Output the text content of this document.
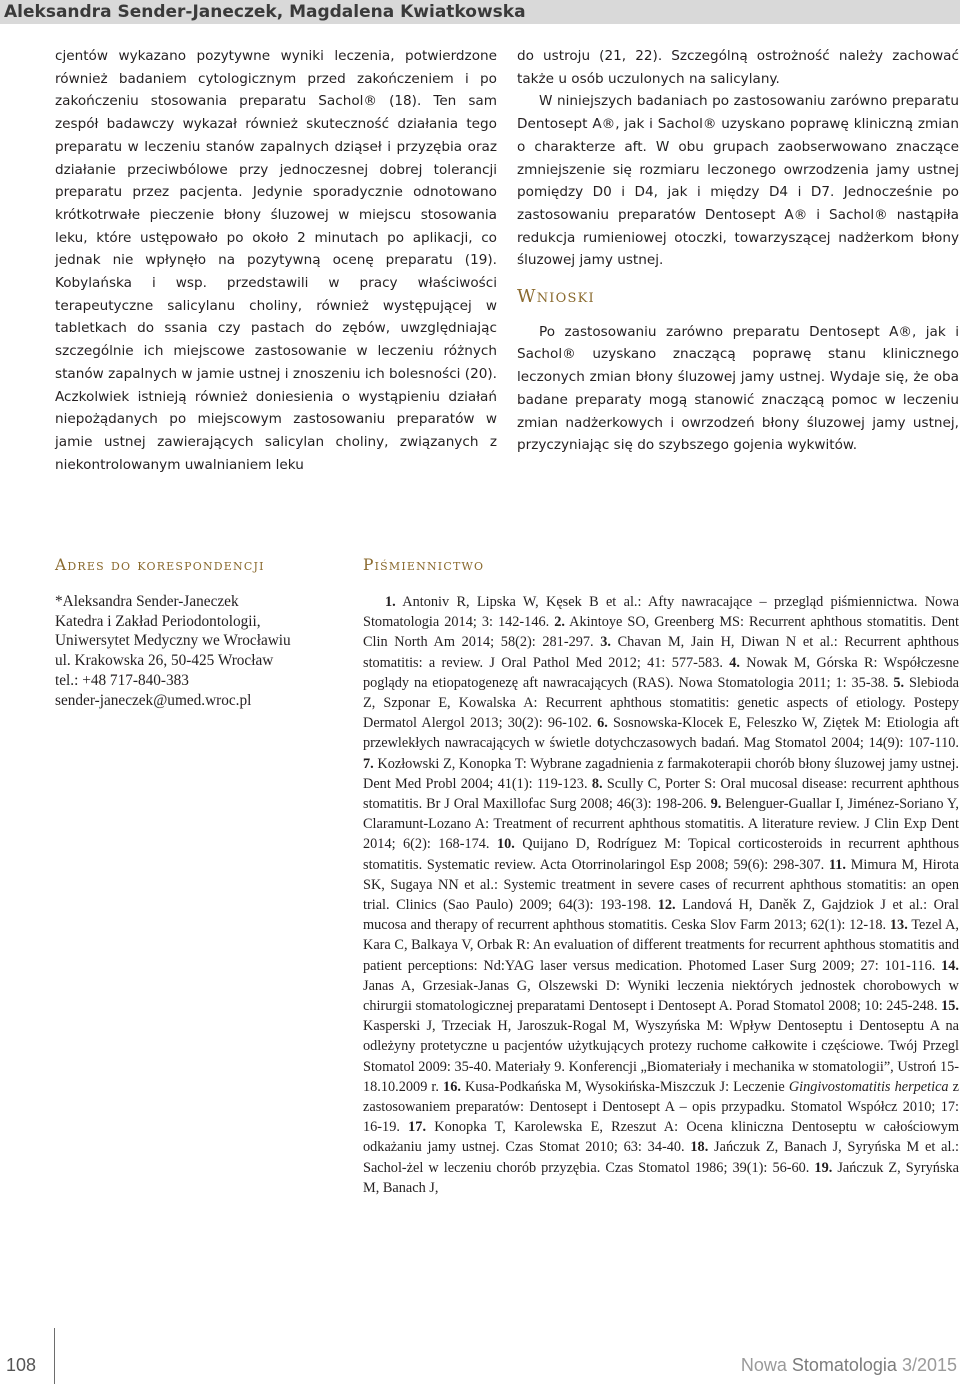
Aleksandra Sender-Janeczek, Magdalena Kwiatkowska

cjentów wykazano pozytywne wyniki leczenia, potwierdzone również badaniem cytologicznym przed zakończeniem i po zakończeniu stosowania preparatu Sachol® (18). Ten sam zespół badawczy wykazał również skuteczność działania tego preparatu w leczeniu stanów zapalnych dziąseł i przyzębia oraz działanie przeciwbólowe przy jednoczesnej dobrej tolerancji preparatu przez pacjenta. Jedynie sporadycznie odnotowano krótkotrwałe pieczenie błony śluzowej w miejscu stosowania leku, które ustępowało po około 2 minutach po aplikacji, co jednak nie wpłynęło na pozytywną ocenę preparatu (19). Kobylańska i wsp. przedstawili w pracy właściwości terapeutyczne salicylanu choliny, również występującej w tabletkach do ssania czy pastach do zębów, uwzględniając szczególnie ich miejscowe zastosowanie w leczeniu różnych stanów zapalnych w jamie ustnej i znoszeniu ich bolesności (20). Aczkolwiek istnieją również doniesienia o wystąpieniu działań niepożądanych po miejscowym zastosowaniu preparatów w jamie ustnej zawierających salicylan choliny, związanych z niekontrolowanym uwalnianiem leku

do ustroju (21, 22). Szczególną ostrożność należy zachować także u osób uczulonych na salicylany.

W niniejszych badaniach po zastosowaniu zarówno preparatu Dentosept A®, jak i Sachol® uzyskano poprawę kliniczną zmian o charakterze aft. W obu grupach zaobserwowano znaczące zmniejszenie się rozmiaru leczonego owrzodzenia jamy ustnej pomiędzy D0 i D4, jak i między D4 i D7. Jednocześnie po zastosowaniu preparatów Dentosept A® i Sachol® nastąpiła redukcja rumieniowej otoczki, towarzyszącej nadżerkom błony śluzowej jamy ustnej.

Wnioski

Po zastosowaniu zarówno preparatu Dentosept A®, jak i Sachol® uzyskano znaczącą poprawę stanu klinicznego leczonych zmian błony śluzowej jamy ustnej. Wydaje się, że oba badane preparaty mogą stanowić znaczącą pomoc w leczeniu zmian nadżerkowych i owrzodzeń błony śluzowej jamy ustnej, przyczyniając się do szybszego gojenia wykwitów.

Adres do korespondencji
*Aleksandra Sender-Janeczek
Katedra i Zakład Periodontologii,
Uniwersytet Medyczny we Wrocławiu
ul. Krakowska 26, 50-425 Wrocław
tel.: +48 717-840-383
sender-janeczek@umed.wroc.pl
Piśmiennictwo

1. Antoniv R, Lipska W, Kęsek B et al.: Afty nawracające – przegląd piśmiennictwa. Nowa Stomatologia 2014; 3: 142-146. 2. Akintoye SO, Greenberg MS: Recurrent aphthous stomatitis. Dent Clin North Am 2014; 58(2): 281-297. 3. Chavan M, Jain H, Diwan N et al.: Recurrent aphthous stomatitis: a review. J Oral Pathol Med 2012; 41: 577-583. 4. Nowak M, Górska R: Współczesne poglądy na etiopatogenezę aft nawracających (RAS). Nowa Stomatologia 2011; 1: 35-38. 5. Slebioda Z, Szponar E, Kowalska A: Recurrent aphthous stomatitis: genetic aspects of etiology. Postepy Dermatol Alergol 2013; 30(2): 96-102. 6. Sosnowska-Klocek E, Feleszko W, Ziętek M: Etiologia aft przewlekłych nawracających w świetle dotychczasowych badań. Mag Stomatol 2004; 14(9): 107-110. 7. Kozłowski Z, Konopka T: Wybrane zagadnienia z farmakoterapii chorób błony śluzowej jamy ustnej. Dent Med Probl 2004; 41(1): 119-123. 8. Scully C, Porter S: Oral mucosal disease: recurrent aphthous stomatitis. Br J Oral Maxillofac Surg 2008; 46(3): 198-206. 9. Belenguer-Guallar I, Jiménez-Soriano Y, Claramunt-Lozano A: Treatment of recurrent aphthous stomatitis. A literature review. J Clin Exp Dent 2014; 6(2): 168-174. 10. Quijano D, Rodríguez M: Topical corticosteroids in recurrent aphthous stomatitis. Systematic review. Acta Otorrinolaringol Esp 2008; 59(6): 298-307. 11. Mimura M, Hirota SK, Sugaya NN et al.: Systemic treatment in severe cases of recurrent aphthous stomatitis: an open trial. Clinics (Sao Paulo) 2009; 64(3): 193-198. 12. Landová H, Daněk Z, Gajdziok J et al.: Oral mucosa and therapy of recurrent aphthous stomatitis. Ceska Slov Farm 2013; 62(1): 12-18. 13. Tezel A, Kara C, Balkaya V, Orbak R: An evaluation of different treatments for recurrent aphthous stomatitis and patient perceptions: Nd:YAG laser versus medication. Photomed Laser Surg 2009; 27: 101-116. 14. Janas A, Grzesiak-Janas G, Olszewski D: Wyniki leczenia niektórych jednostek chorobowych w chirurgii stomatologicznej preparatami Dentosept i Dentosept A. Porad Stomatol 2008; 10: 245-248. 15. Kasperski J, Trzeciak H, Jaroszuk-Rogal M, Wyszyńska M: Wpływ Dentoseptu i Dentoseptu A na odleżyny protetyczne u pacjentów użytkujących protezy ruchome całkowite i częściowe. Twój Przegl Stomatol 2009: 35-40. Materiały 9. Konferencji „Biomateriały i mechanika w stomatologii”, Ustroń 15-18.10.2009 r. 16. Kusa-Podkańska M, Wysokińska-Miszczuk J: Leczenie Gingivostomatitis herpetica z zastosowaniem preparatów: Dentosept i Dentosept A – opis przypadku. Stomatol Współcz 2010; 17: 16-19. 17. Konopka T, Karolewska E, Rzeszut A: Ocena kliniczna Dentoseptu w całościowym odkażaniu jamy ustnej. Czas Stomat 2010; 63: 34-40. 18. Jańczuk Z, Banach J, Syryńska M et al.: Sachol-żel w leczeniu chorób przyzębia. Czas Stomatol 1986; 39(1): 56-60. 19. Jańczuk Z, Syryńska M, Banach J,

108	Nowa Stomatologia 3/2015
